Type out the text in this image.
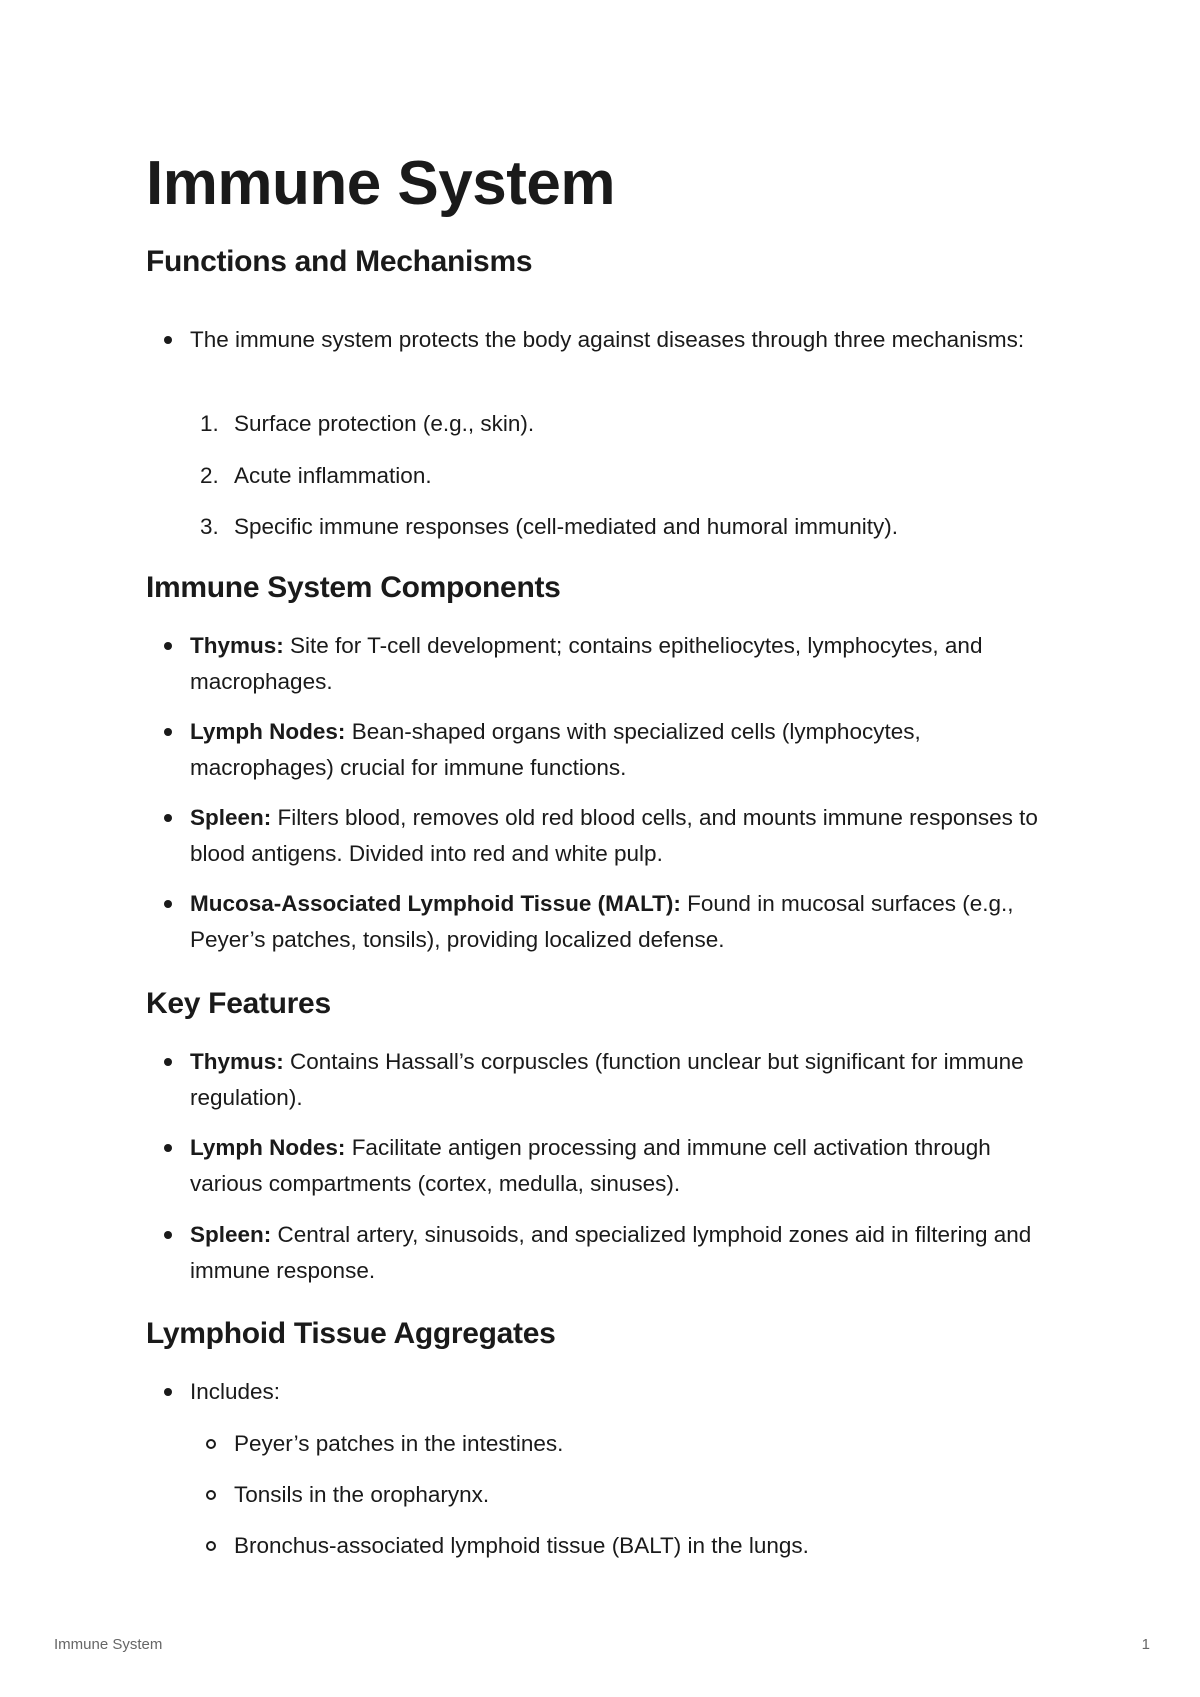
Immune System
Functions and Mechanisms
The immune system protects the body against diseases through three mechanisms:
1. Surface protection (e.g., skin).
2. Acute inflammation.
3. Specific immune responses (cell-mediated and humoral immunity).
Immune System Components
Thymus: Site for T-cell development; contains epitheliocytes, lymphocytes, and macrophages.
Lymph Nodes: Bean-shaped organs with specialized cells (lymphocytes, macrophages) crucial for immune functions.
Spleen: Filters blood, removes old red blood cells, and mounts immune responses to blood antigens. Divided into red and white pulp.
Mucosa-Associated Lymphoid Tissue (MALT): Found in mucosal surfaces (e.g., Peyer’s patches, tonsils), providing localized defense.
Key Features
Thymus: Contains Hassall’s corpuscles (function unclear but significant for immune regulation).
Lymph Nodes: Facilitate antigen processing and immune cell activation through various compartments (cortex, medulla, sinuses).
Spleen: Central artery, sinusoids, and specialized lymphoid zones aid in filtering and immune response.
Lymphoid Tissue Aggregates
Includes:
Peyer’s patches in the intestines.
Tonsils in the oropharynx.
Bronchus-associated lymphoid tissue (BALT) in the lungs.
Immune System	1
